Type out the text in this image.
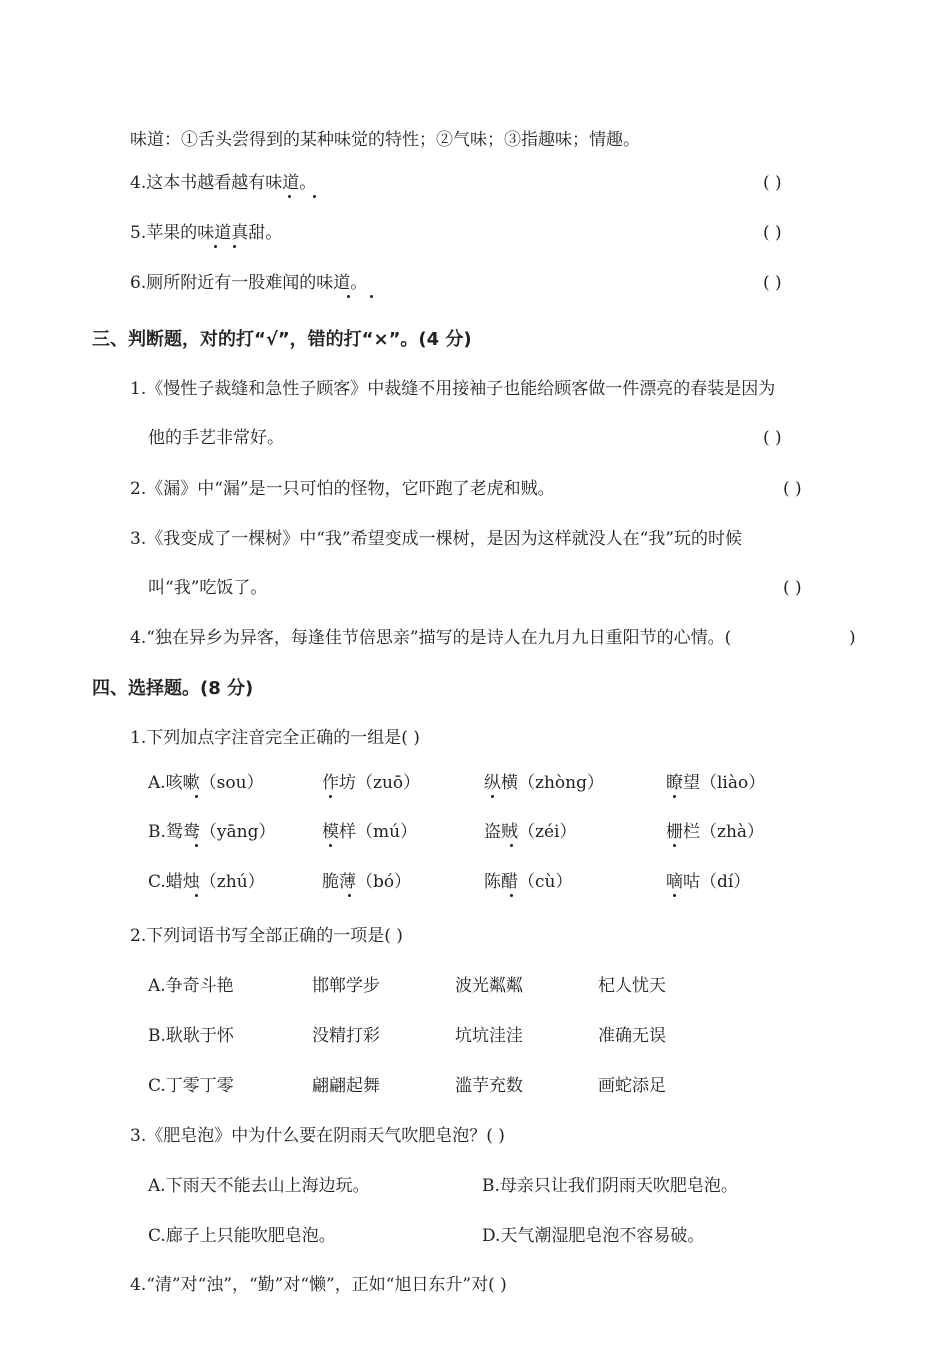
味道：①舌头尝得到的某种味觉的特性；②气味；③指趣味；情趣。
4.这本书越看越有味道。	( )
5.苹果的味道真甜。	( )
6.厕所附近有一股难闻的味道。	( )
三、判断题，对的打“√”，错的打“×”。(4 分)
1.《慢性子裁缝和急性子顾客》中裁缝不用接袖子也能给顾客做一件漂亮的春装是因为
他的手艺非常好。	( )
2.《漏》中“漏”是一只可怕的怪物，它吓跑了老虎和贼。	( )
3.《我变成了一棵树》中“我”希望变成一棵树，是因为这样就没人在“我”玩的时候
叫“我”吃饭了。	( )
4.“独在异乡为异客，每逢佳节倍思亲”描写的是诗人在九月九日重阳节的心情。(	)
四、选择题。(8 分)
1.下列加点字注音完全正确的一组是( )
A.咳嗽（sou）	作坊（zuō）	纵横（zhòng）	瞭望（liào）
B.鸳鸯（yāng）	模样（mú）	盗贼（zéi）	栅栏（zhà）
C.蜡烛（zhú）	脆薄（bó）	陈醋（cù）	嘀咕（dí）
2.下列词语书写全部正确的一项是( )
A.争奇斗艳	邯郸学步	波光粼粼	杞人忧天
B.耿耿于怀	没精打彩	坑坑洼洼	准确无误
C.丁零丁零	翩翩起舞	滥芋充数	画蛇添足
3.《肥皂泡》中为什么要在阴雨天气吹肥皂泡？( )
A.下雨天不能去山上海边玩。	B.母亲只让我们阴雨天吹肥皂泡。
C.廊子上只能吹肥皂泡。	D.天气潮湿肥皂泡不容易破。
4.“清”对“浊”，“勤”对“懒”，正如“旭日东升”对( )
